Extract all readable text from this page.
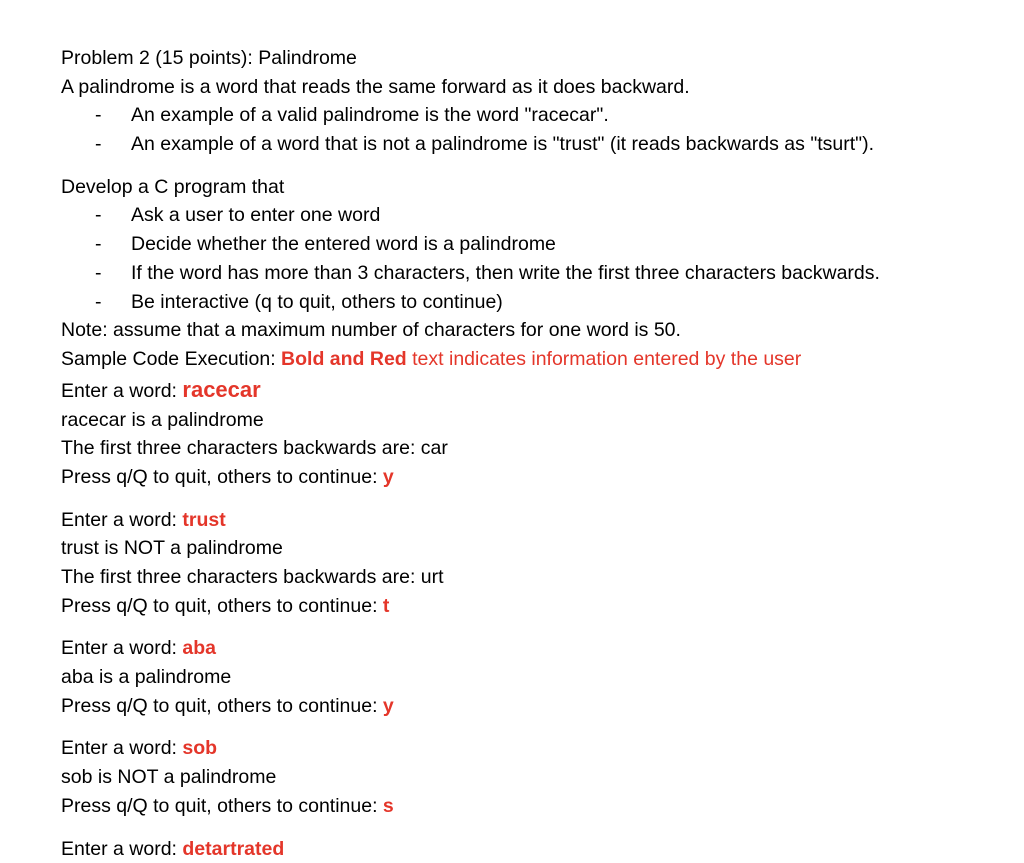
Problem 2 (15 points): Palindrome
A palindrome is a word that reads the same forward as it does backward.
- An example of a valid palindrome is the word "racecar".
- An example of a word that is not a palindrome is "trust" (it reads backwards as "tsurt").
Develop a C program that
- Ask a user to enter one word
- Decide whether the entered word is a palindrome
- If the word has more than 3 characters, then write the first three characters backwards.
- Be interactive (q to quit, others to continue)
Note: assume that a maximum number of characters for one word is 50.
Sample Code Execution: Bold and Red text indicates information entered by the user
Enter a word: racecar
racecar is a palindrome
The first three characters backwards are: car
Press q/Q to quit, others to continue: y
Enter a word: trust
trust is NOT a palindrome
The first three characters backwards are: urt
Press q/Q to quit, others to continue: t
Enter a word: aba
aba is a palindrome
Press q/Q to quit, others to continue: y
Enter a word: sob
sob is NOT a palindrome
Press q/Q to quit, others to continue: s
Enter a word: detartrated
